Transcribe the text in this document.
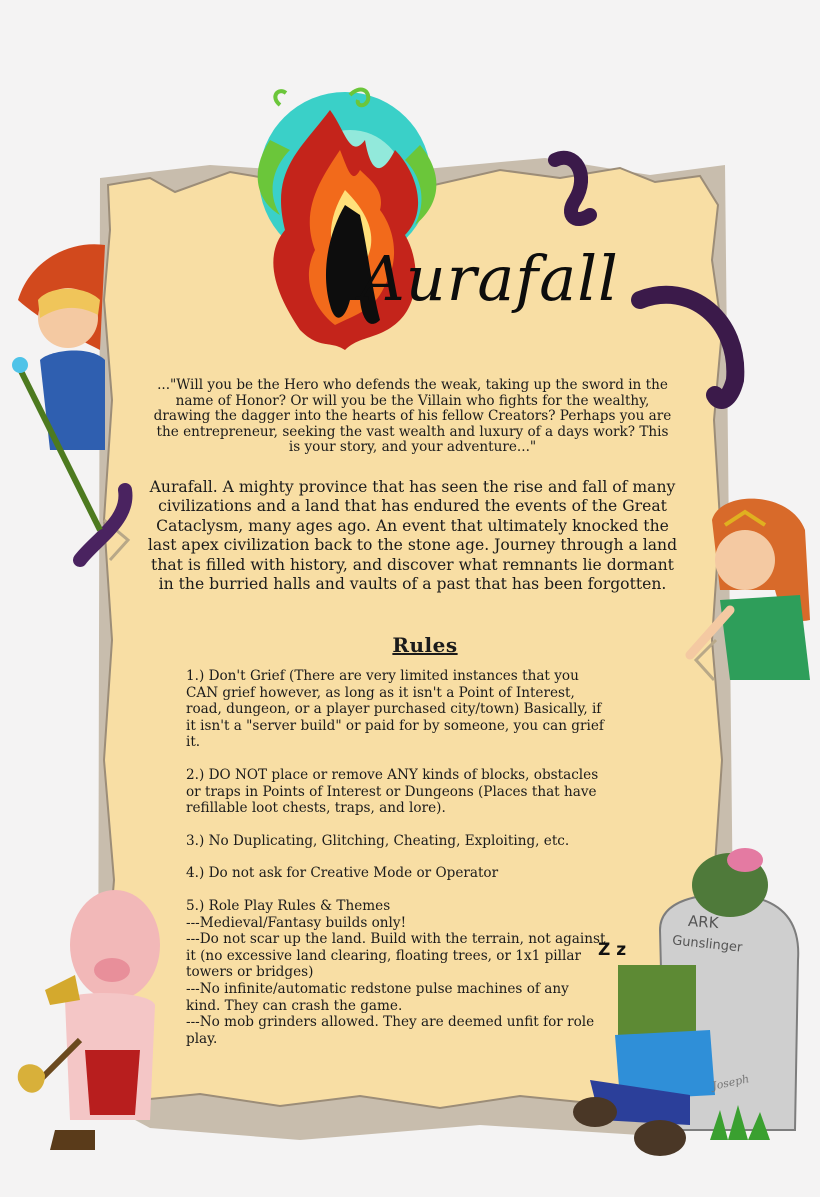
Aurafall
..."Will you be the Hero who defends the weak, taking up the sword in the name of Honor? Or will you be the Villain who fights for the wealthy, drawing the dagger into the hearts of his fellow Creators? Perhaps you are the entrepreneur, seeking the vast wealth and luxury of a days work? This is your story, and your adventure..."
Aurafall. A mighty province that has seen the rise and fall of many civilizations and a land that has endured the events of the Great Cataclysm, many ages ago. An event that ultimately knocked the last apex civilization back to the stone age. Journey through a land that is filled with history, and discover what remnants lie dormant in the burried halls and vaults of a past that has been forgotten.
Rules

1.) Don't Grief (There are very limited instances that you CAN grief however, as long as it isn't a Point of Interest, road, dungeon, or a player purchased city/town) Basically, if it isn't a "server build" or paid for by someone, you can grief it.

2.) DO NOT place or remove ANY kinds of blocks, obstacles or traps in Points of Interest or Dungeons (Places that have refillable loot chests, traps, and lore).

3.) No Duplicating, Glitching, Cheating, Exploiting, etc.

4.) Do not ask for Creative Mode or Operator

5.) Role Play Rules & Themes

---Medieval/Fantasy builds only!

---Do not scar up the land. Build with the terrain, not against it (no excessive land clearing, floating trees, or 1x1 pillar towers or bridges)

---No infinite/automatic redstone pulse machines of any kind. They can crash the game.

---No mob grinders allowed. They are deemed unfit for role play.

ARK
Gunslinger
Z z
Joseph
